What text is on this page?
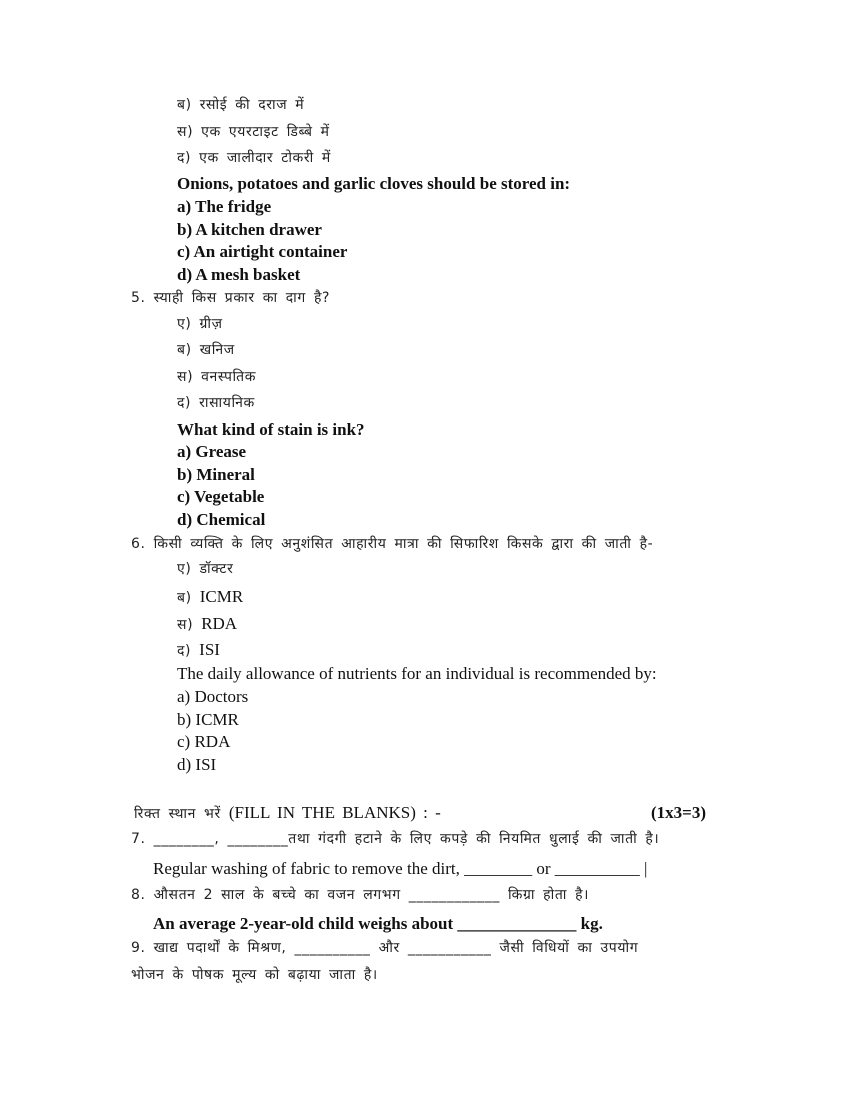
ब) रसोई की दराज में
स) एक एयरटाइट डिब्बे में
द) एक जालीदार टोकरी में
Onions, potatoes and garlic cloves should be stored in:
a) The fridge
b) A kitchen drawer
c) An airtight container
d) A mesh basket
5. स्याही किस प्रकार का दाग है?
ए) ग्रीज़
ब) खनिज
स) वनस्पतिक
द) रासायनिक
What kind of stain is ink?
a) Grease
b) Mineral
c) Vegetable
d) Chemical
6. किसी व्यक्ति के लिए अनुशंसित आहारीय मात्रा की सिफारिश किसके द्वारा की जाती है-
ए) डॉक्टर
ब) ICMR
स) RDA
द) ISI
The daily allowance of nutrients for an individual is recommended by:
a) Doctors
b) ICMR
c) RDA
d) ISI
रिक्त स्थान भरें (FILL IN THE BLANKS) : -	(1x3=3)
7. ________, ________तथा गंदगी हटाने के लिए कपड़े की नियमित धुलाई की जाती है।
Regular washing of fabric to remove the dirt, ________ or __________ |
8. औसतन 2 साल के बच्चे का वजन लगभग ____________ किग्रा होता है।
An average 2-year-old child weighs about ______________ kg.
9. खाद्य पदार्थों के मिश्रण, __________ और ___________ जैसी विधियों का उपयोग
भोजन के पोषक मूल्य को बढ़ाया जाता है।
